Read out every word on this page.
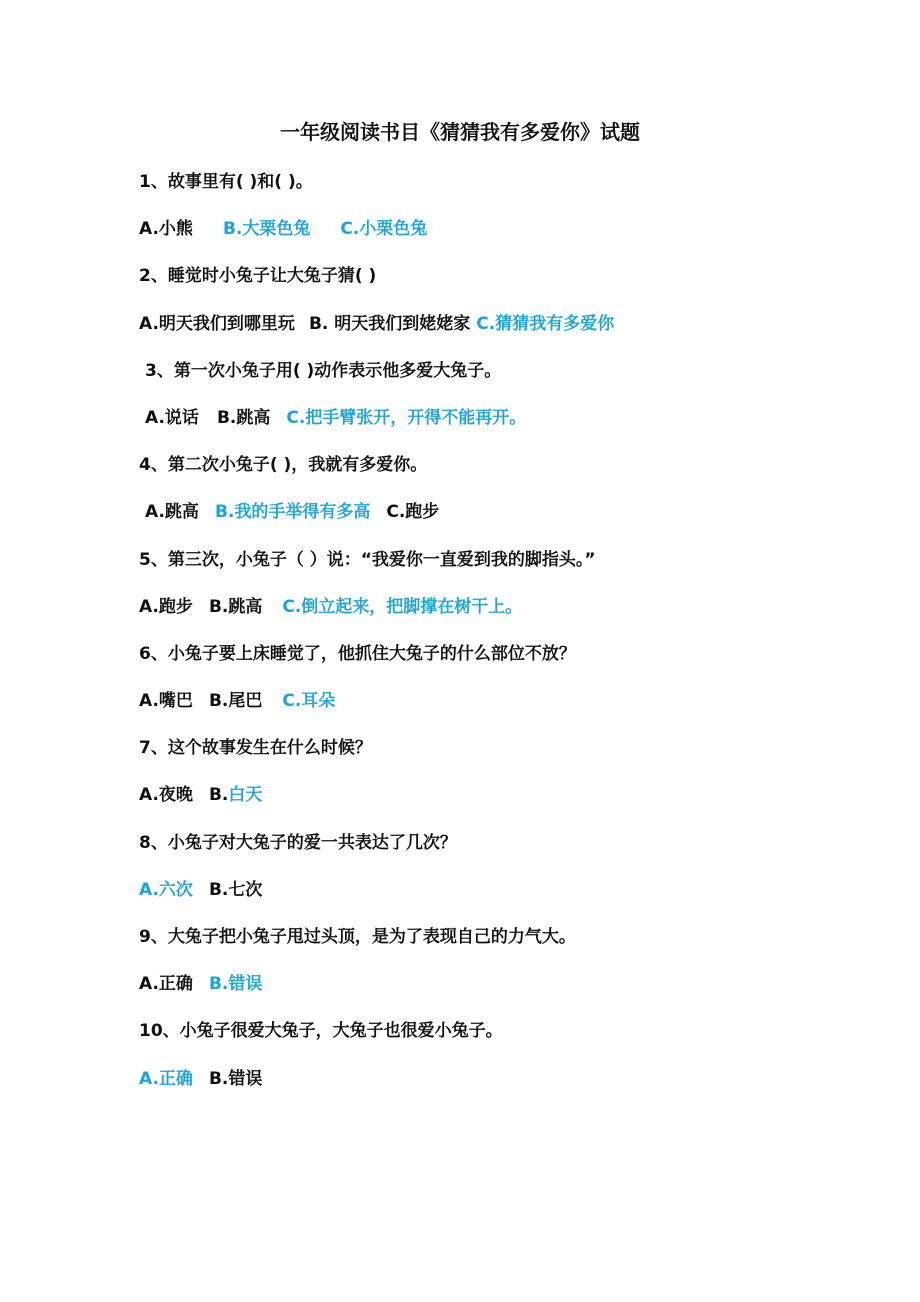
一年级阅读书目《猜猜我有多爱你》试题
1、故事里有( )和( )。
A.小熊 B.大栗色兔 C.小栗色兔
2、睡觉时小兔子让大兔子猜( )
A.明天我们到哪里玩 B. 明天我们到姥姥家 C.猜猜我有多爱你
3、第一次小兔子用( )动作表示他多爱大兔子。
A.说话 B.跳高 C.把手臂张开，开得不能再开。
4、第二次小兔子( )，我就有多爱你。
A.跳高 B.我的手举得有多高 C.跑步
5、第三次，小兔子（ ）说：“我爱你一直爱到我的脚指头。”
A.跑步 B.跳高 C.倒立起来，把脚撑在树干上。
6、小兔子要上床睡觉了，他抓住大兔子的什么部位不放？
A.嘴巴 B.尾巴 C.耳朵
7、这个故事发生在什么时候？
A.夜晚 B.白天
8、小兔子对大兔子的爱一共表达了几次？
A.六次 B.七次
9、大兔子把小兔子甩过头顶，是为了表现自己的力气大。
A.正确 B.错误
10、小兔子很爱大兔子，大兔子也很爱小兔子。
A.正确 B.错误
